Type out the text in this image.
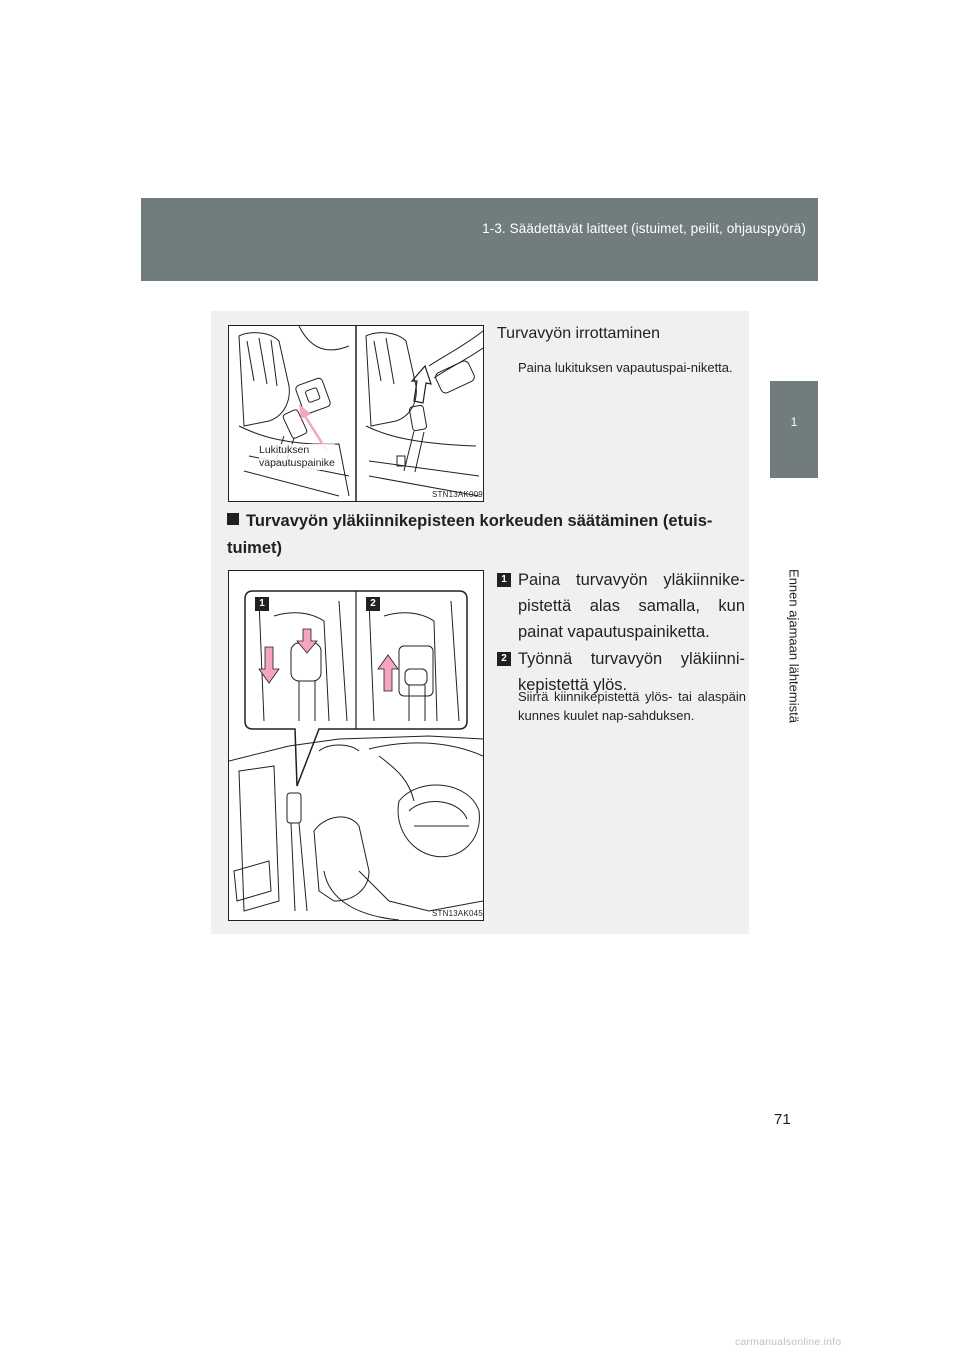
1-3. Säädettävät laitteet (istuimet, peilit, ohjauspyörä)
1
Ennen ajamaan lähtemistä
Lukituksen
vapautuspainike
STN13AK009
Turvavyön irrottaminen
Paina lukituksen vapautuspai-niketta.
Turvavyön yläkiinnikepisteen korkeuden säätäminen (etuis-tuimet)
1	2
STN13AK045
1 Paina turvavyön yläkiinnike-pistettä alas samalla, kun painat vapautuspainiketta.
2 Työnnä turvavyön yläkiinni-kepistettä ylös.
Siirrä kiinnikepistettä ylös- tai alaspäin kunnes kuulet nap-sahduksen.
71
carmanualsonline.info
